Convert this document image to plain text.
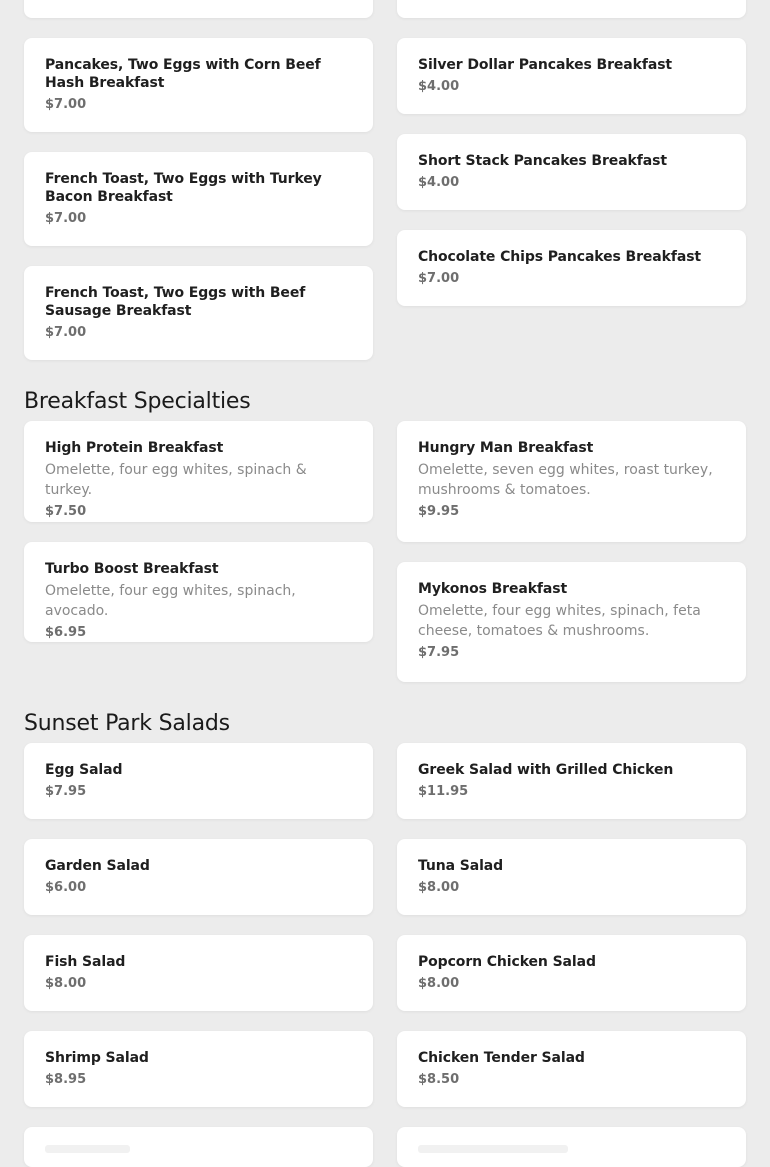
Pancakes, Two Eggs with Corn Beef Hash Breakfast
$7.00
French Toast, Two Eggs with Turkey Bacon Breakfast
$7.00
French Toast, Two Eggs with Beef Sausage Breakfast
$7.00
Silver Dollar Pancakes Breakfast
$4.00
Short Stack Pancakes Breakfast
$4.00
Chocolate Chips Pancakes Breakfast
$7.00
Breakfast Specialties
High Protein Breakfast
Omelette, four egg whites, spinach & turkey.
$7.50
Turbo Boost Breakfast
Omelette, four egg whites, spinach, avocado.
$6.95
Hungry Man Breakfast
Omelette, seven egg whites, roast turkey, mushrooms & tomatoes.
$9.95
Mykonos Breakfast
Omelette, four egg whites, spinach, feta cheese, tomatoes & mushrooms.
$7.95
Sunset Park Salads
Egg Salad
$7.95
Garden Salad
$6.00
Fish Salad
$8.00
Shrimp Salad
$8.95
Greek Salad with Grilled Chicken
$11.95
Tuna Salad
$8.00
Popcorn Chicken Salad
$8.00
Chicken Tender Salad
$8.50
